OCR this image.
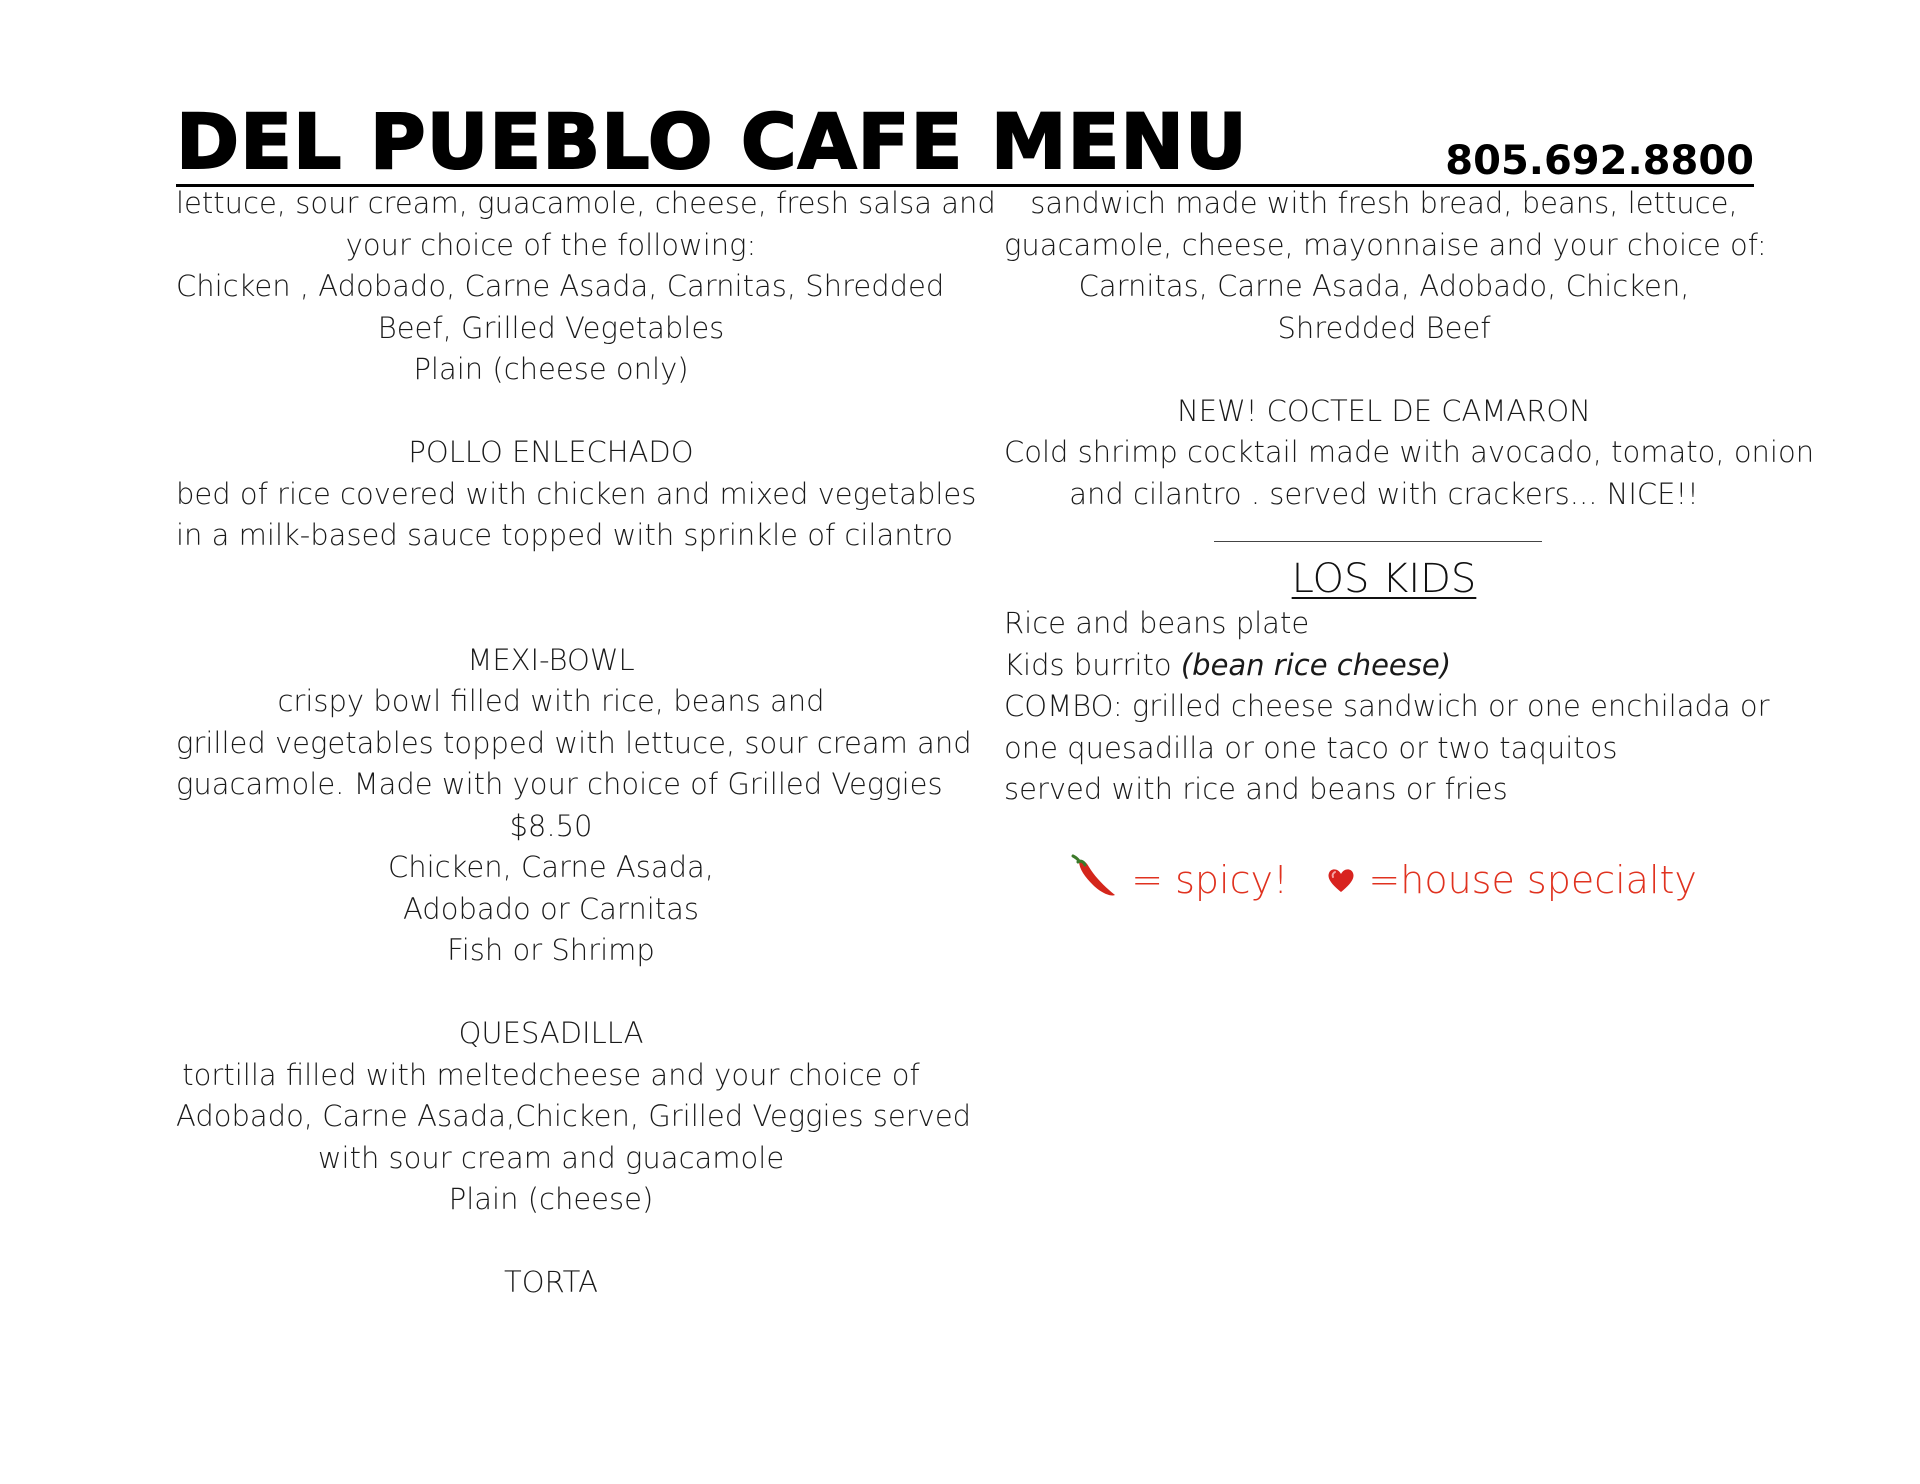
DEL PUEBLO CAFE MENU	805.692.8800
lettuce, sour cream, guacamole, cheese, fresh salsa and
your choice of the following:
Chicken , Adobado, Carne Asada, Carnitas, Shredded
Beef, Grilled Vegetables
Plain (cheese only)
POLLO ENLECHADO
bed of rice covered with chicken and mixed vegetables
in a milk-based sauce topped with sprinkle of cilantro
MEXI-BOWL
crispy bowl filled with rice, beans and
grilled vegetables topped with lettuce, sour cream and
guacamole. Made with your choice of Grilled Veggies
$8.50
Chicken, Carne Asada,
Adobado or Carnitas
Fish or Shrimp
QUESADILLA
tortilla filled with meltedcheese and your choice of
Adobado, Carne Asada,Chicken, Grilled Veggies served
with sour cream and guacamole
Plain (cheese)
TORTA
sandwich made with fresh bread, beans, lettuce,
guacamole, cheese, mayonnaise and your choice of:
Carnitas, Carne Asada, Adobado, Chicken,
Shredded Beef
NEW! COCTEL DE CAMARON
Cold shrimp cocktail made with avocado, tomato, onion
and cilantro . served with crackers... NICE!!
LOS KIDS
Rice and beans plate
Kids burrito (bean rice cheese)
COMBO: grilled cheese sandwich or one enchilada or
one quesadilla or one taco or two taquitos
served with rice and beans or fries
= spicy! =house specialty
